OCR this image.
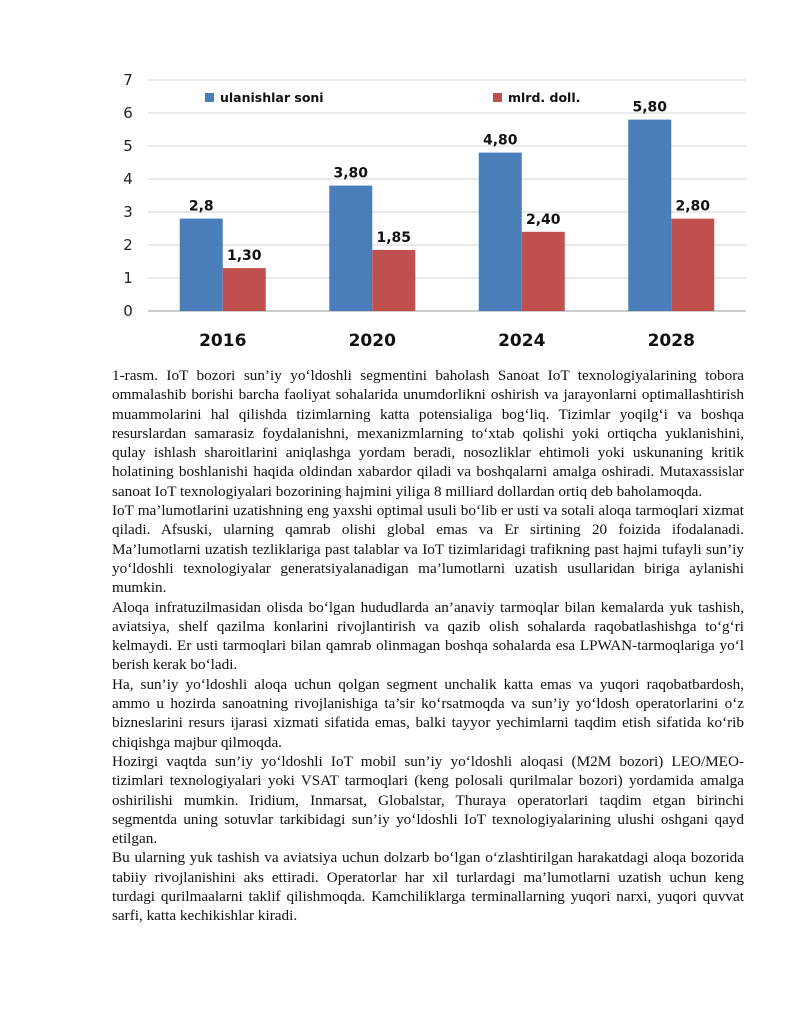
0
1
2
3
4
5
6
7
2,8
1,30
3,80
1,85
4,80
2,40
5,80
2,80
2016	2020	2024	2028
ulanishlar soni	mlrd. doll.

1-rasm. IoT bozori sun’iy yo‘ldoshli segmentini baholash Sanoat IoT texnologiyalarining tobora ommalashib borishi barcha faoliyat sohalarida unumdorlikni oshirish va jarayonlarni optimallashtirish muammolarini hal qilishda tizimlarning katta potensialiga bog‘liq. Tizimlar yoqilg‘i va boshqa resurslardan samarasiz foydalanishni, mexanizmlarning to‘xtab qolishi yoki ortiqcha yuklanishini, qulay ishlash sharoitlarini aniqlashga yordam beradi, nosozliklar ehtimoli yoki uskunaning kritik holatining boshlanishi haqida oldindan xabardor qiladi va boshqalarni amalga oshiradi. Mutaxassislar sanoat IoT texnologiyalari bozorining hajmini yiliga 8 milliard dollardan ortiq deb baholamoqda.

IoT ma’lumotlarini uzatishning eng yaxshi optimal usuli bo‘lib er usti va sotali aloqa tarmoqlari xizmat qiladi. Afsuski, ularning qamrab olishi global emas va Er sirtining 20 foizida ifodalanadi. Ma’lumotlarni uzatish tezliklariga past talablar va IoT tizimlaridagi trafikning past hajmi tufayli sun’iy yo‘ldoshli texnologiyalar generatsiyalanadigan ma’lumotlarni uzatish usullaridan biriga aylanishi mumkin.

Aloqa infratuzilmasidan olisda bo‘lgan hududlarda an’anaviy tarmoqlar bilan kemalarda yuk tashish, aviatsiya, shelf qazilma konlarini rivojlantirish va qazib olish sohalarda raqobatlashishga to‘g‘ri kelmaydi. Er usti tarmoqlari bilan qamrab olinmagan boshqa sohalarda esa LPWAN-tarmoqlariga yo‘l berish kerak bo‘ladi.

Ha, sun’iy yo‘ldoshli aloqa uchun qolgan segment unchalik katta emas va yuqori raqobatbardosh, ammo u hozirda sanoatning rivojlanishiga ta’sir ko‘rsatmoqda va sun’iy yo‘ldosh operatorlarini o‘z bizneslarini resurs ijarasi xizmati sifatida emas, balki tayyor yechimlarni taqdim etish sifatida ko‘rib chiqishga majbur qilmoqda.

Hozirgi vaqtda sun’iy yo‘ldoshli IoT mobil sun’iy yo‘ldoshli aloqasi (M2M bozori) LEO/MEO-tizimlari texnologiyalari yoki VSAT tarmoqlari (keng polosali qurilmalar bozori) yordamida amalga oshirilishi mumkin. Iridium, Inmarsat, Globalstar, Thuraya operatorlari taqdim etgan birinchi segmentda uning sotuvlar tarkibidagi sun’iy yo‘ldoshli IoT texnologiyalarining ulushi oshgani qayd etilgan.

Bu ularning yuk tashish va aviatsiya uchun dolzarb bo‘lgan o‘zlashtirilgan harakatdagi aloqa bozorida tabiiy rivojlanishini aks ettiradi. Operatorlar har xil turlardagi ma’lumotlarni uzatish uchun keng turdagi qurilmaalarni taklif qilishmoqda. Kamchiliklarga terminallarning yuqori narxi, yuqori quvvat sarfi, katta kechikishlar kiradi.
